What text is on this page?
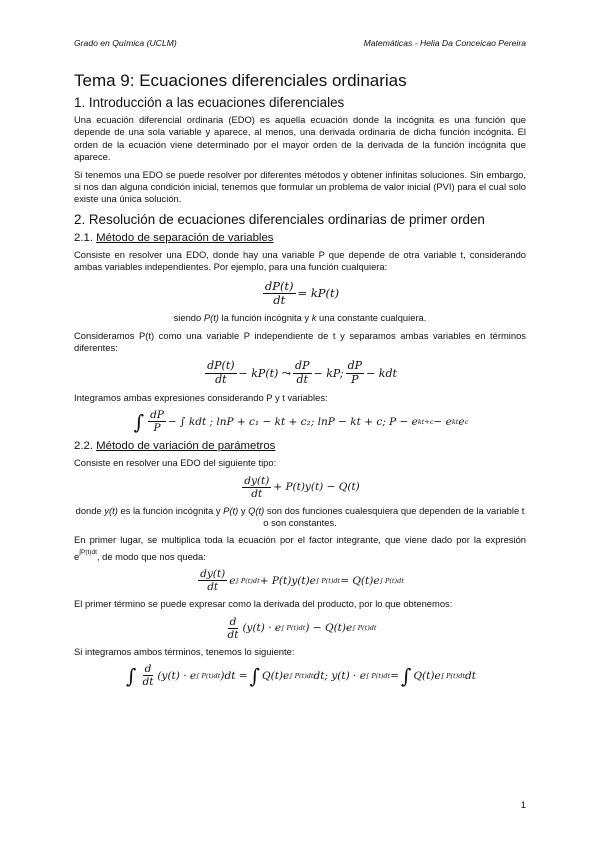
Grado en Química (UCLM)	Matemáticas - Helia Da Conceicao Pereira
Tema 9: Ecuaciones diferenciales ordinarias
1. Introducción a las ecuaciones diferenciales

Una ecuación diferencial ordinaria (EDO) es aquella ecuación donde la incógnita es una función que depende de una sola variable y aparece, al menos, una derivada ordinaria de dicha función incógnita. El orden de la ecuación viene determinado por el mayor orden de la derivada de la función incógnita que aparece.

Si tenemos una EDO se puede resolver por diferentes métodos y obtener infinitas soluciones. Sin embargo, si nos dan alguna condición inicial, tenemos que formular un problema de valor inicial (PVI) para el cual solo existe una única solución.

2. Resolución de ecuaciones diferenciales ordinarias de primer orden
2.1. Método de separación de variables

Consiste en resolver una EDO, donde hay una variable P que depende de otra variable t, considerando ambas variables independientes. Por ejemplo, para una función cualquiera:

$\frac{dP(t)}{dt} = kP(t)$

siendo P(t) la función incógnita y k una constante cualquiera.

Consideramos P(t) como una variable P independiente de t y separamos ambas variables en términos diferentes:

$\frac{dP(t)}{dt} - kP(t)$ ⤳ $\frac{dP}{dt}$ − kP; $\frac{dP}{P}$ − kdt

Integramos ambas expresiones considerando P y t variables:

∫ $\frac{dP}{P}$ − ∫ kdt ; lnP + c₁ − kt + c₂; lnP − kt + c; P − e kt+c − e kt e c
2.2. Método de variación de parámetros

Consiste en resolver una EDO del siguiente tipo:

$\frac{dy(t)}{dt} + P(t)y(t) - Q(t)$

donde y(t) es la función incógnita y P(t) y Q(t) son dos funciones cualesquiera que dependen de la variable t o son constantes.

En primer lugar, se multiplica toda la ecuación por el factor integrante, que viene dado por la expresión $e^{\int P(t)dt}$, de modo que nos queda:

$\frac{dy(t)}{dt}$ e ∫ P(t)dt + P(t)y(t)e ∫ P(t)dt = Q(t)e ∫ P(t)dt

El primer término se puede expresar como la derivada del producto, por lo que obtenemos:

$\frac{d}{dt} (y(t) \cdot e$ ∫ P(t)dt ) − Q(t)e ∫ P(t)dt

Si integramos ambos términos, tenemos lo siguiente:

∫ $\frac{d}{dt} (y(t) \cdot e$ ∫ P(t)dt )dt = ∫ Q(t)e ∫ P(t)dt dt; y(t) · e ∫ P(t)dt = ∫ Q(t)e ∫ P(t)dt dt
1
